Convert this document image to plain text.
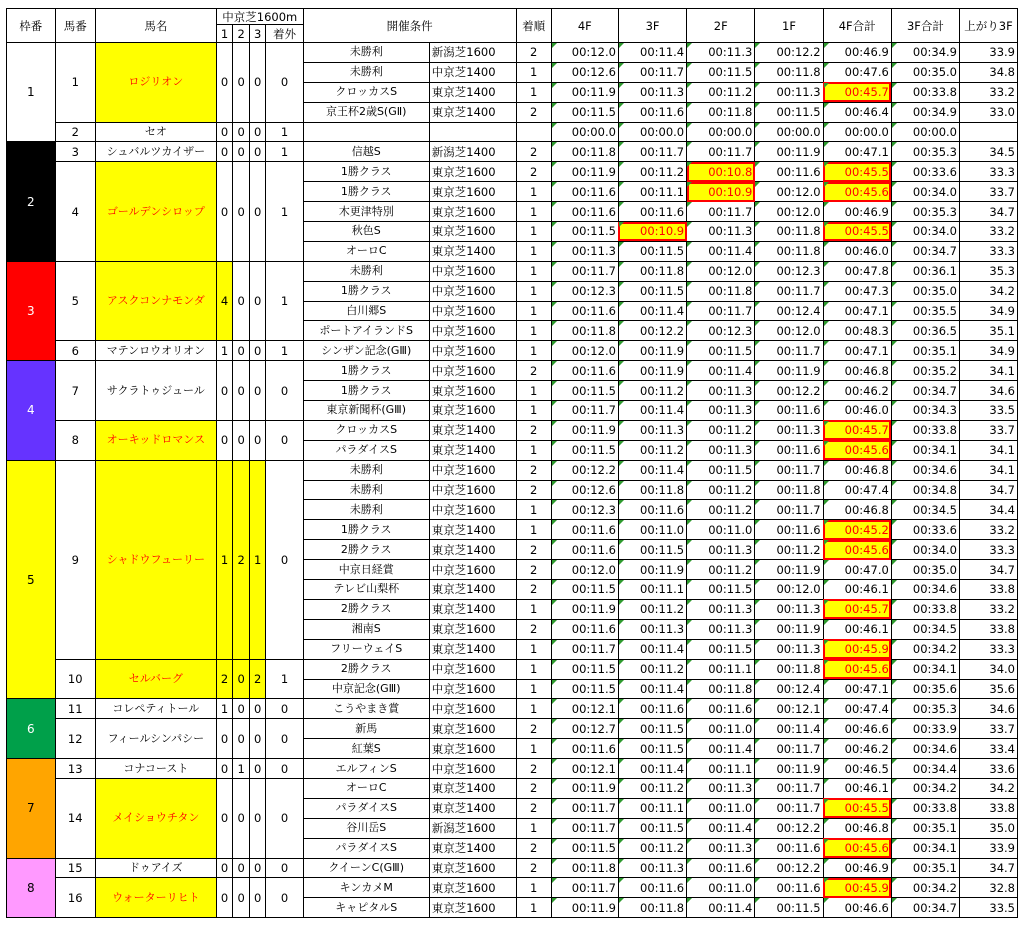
枠番	馬番	馬名	中京芝1600m				開催条件		着順	4F	3F	2F	1F	4F合計	3F合計	上がり3F
			1	2	3	着外										
1	1	ロジリオン	0	0	0	0	未勝利	新潟芝1600	2	00:12.0	00:11.4	00:11.3	00:12.2	00:46.9	00:34.9	33.9
							未勝利	中京芝1400	1	00:12.6	00:11.7	00:11.5	00:11.8	00:47.6	00:35.0	34.8
							クロッカスS	東京芝1400	1	00:11.9	00:11.3	00:11.2	00:11.3	00:45.7	00:33.8	33.2
							京王杯2歳S(GⅡ)	東京芝1400	2	00:11.5	00:11.6	00:11.8	00:11.5	00:46.4	00:34.9	33.0
	2	セオ	0	0	0	1				00:00.0	00:00.0	00:00.0	00:00.0	00:00.0	00:00.0	
2	3	シュバルツカイザー	0	0	0	1	信越S	新潟芝1400	2	00:11.8	00:11.7	00:11.7	00:11.9	00:47.1	00:35.3	34.5
	4	ゴールデンシロップ	0	0	0	1	1勝クラス	東京芝1600	2	00:11.9	00:11.2	00:10.8	00:11.6	00:45.5	00:33.6	33.3
							1勝クラス	東京芝1600	1	00:11.6	00:11.1	00:10.9	00:12.0	00:45.6	00:34.0	33.7
							木更津特別	東京芝1600	1	00:11.6	00:11.6	00:11.7	00:12.0	00:46.9	00:35.3	34.7
							秋色S	東京芝1600	1	00:11.5	00:10.9	00:11.3	00:11.8	00:45.5	00:34.0	33.2
							オーロC	東京芝1400	1	00:11.3	00:11.5	00:11.4	00:11.8	00:46.0	00:34.7	33.3
3	5	アスクコンナモンダ	4	0	0	1	未勝利	中京芝1600	1	00:11.7	00:11.8	00:12.0	00:12.3	00:47.8	00:36.1	35.3
							1勝クラス	中京芝1600	1	00:12.3	00:11.5	00:11.8	00:11.7	00:47.3	00:35.0	34.2
							白川郷S	中京芝1600	1	00:11.6	00:11.4	00:11.7	00:12.4	00:47.1	00:35.5	34.9
							ポートアイランドS	中京芝1600	1	00:11.8	00:12.2	00:12.3	00:12.0	00:48.3	00:36.5	35.1
	6	マテンロウオリオン	1	0	0	1	シンザン記念(GⅢ)	中京芝1600	1	00:12.0	00:11.9	00:11.5	00:11.7	00:47.1	00:35.1	34.9
4	7	サクラトゥジュール	0	0	0	0	1勝クラス	中京芝1600	2	00:11.6	00:11.9	00:11.4	00:11.9	00:46.8	00:35.2	34.1
							1勝クラス	東京芝1600	1	00:11.5	00:11.2	00:11.3	00:12.2	00:46.2	00:34.7	34.6
							東京新聞杯(GⅢ)	東京芝1600	1	00:11.7	00:11.4	00:11.3	00:11.6	00:46.0	00:34.3	33.5
	8	オーキッドロマンス	0	0	0	0	クロッカスS	東京芝1400	2	00:11.9	00:11.3	00:11.2	00:11.3	00:45.7	00:33.8	33.7
							パラダイスS	東京芝1400	1	00:11.5	00:11.2	00:11.3	00:11.6	00:45.6	00:34.1	34.1
5	9	シャドウフューリー	1	2	1	0	未勝利	中京芝1600	2	00:12.2	00:11.4	00:11.5	00:11.7	00:46.8	00:34.6	34.1
							未勝利	中京芝1600	2	00:12.6	00:11.8	00:11.2	00:11.8	00:47.4	00:34.8	34.7
							未勝利	中京芝1600	1	00:12.3	00:11.6	00:11.2	00:11.7	00:46.8	00:34.5	34.4
							1勝クラス	東京芝1400	1	00:11.6	00:11.0	00:11.0	00:11.6	00:45.2	00:33.6	33.2
							2勝クラス	東京芝1400	2	00:11.6	00:11.5	00:11.3	00:11.2	00:45.6	00:34.0	33.3
							中京日経賞	中京芝1600	2	00:12.0	00:11.9	00:11.2	00:11.9	00:47.0	00:35.0	34.7
							テレビ山梨杯	東京芝1400	2	00:11.5	00:11.1	00:11.5	00:12.0	00:46.1	00:34.6	33.8
							2勝クラス	東京芝1400	1	00:11.9	00:11.2	00:11.3	00:11.3	00:45.7	00:33.8	33.2
							湘南S	東京芝1600	2	00:11.6	00:11.3	00:11.3	00:11.9	00:46.1	00:34.5	33.8
							フリーウェイS	東京芝1400	1	00:11.7	00:11.4	00:11.5	00:11.3	00:45.9	00:34.2	33.3
	10	セルバーグ	2	0	2	1	2勝クラス	中京芝1600	1	00:11.5	00:11.2	00:11.1	00:11.8	00:45.6	00:34.1	34.0
							中京記念(GⅢ)	中京芝1600	1	00:11.5	00:11.4	00:11.8	00:12.4	00:47.1	00:35.6	35.6
6	11	コレペティトール	1	0	0	0	こうやまき賞	中京芝1600	1	00:12.1	00:11.6	00:11.6	00:12.1	00:47.4	00:35.3	34.6
	12	フィールシンパシー	0	0	0	0	新馬	東京芝1600	2	00:12.7	00:11.5	00:11.0	00:11.4	00:46.6	00:33.9	33.7
							紅葉S	東京芝1600	1	00:11.6	00:11.5	00:11.4	00:11.7	00:46.2	00:34.6	33.4
7	13	コナコースト	0	1	0	0	エルフィンS	中京芝1600	2	00:12.1	00:11.4	00:11.1	00:11.9	00:46.5	00:34.4	33.6
	14	メイショウチタン	0	0	0	0	オーロC	東京芝1400	2	00:11.9	00:11.2	00:11.3	00:11.7	00:46.1	00:34.2	34.2
							パラダイスS	東京芝1400	2	00:11.7	00:11.1	00:11.0	00:11.7	00:45.5	00:33.8	33.8
							谷川岳S	新潟芝1600	1	00:11.7	00:11.5	00:11.4	00:12.2	00:46.8	00:35.1	35.0
							パラダイスS	東京芝1400	2	00:11.5	00:11.2	00:11.3	00:11.6	00:45.6	00:34.1	33.9
8	15	ドゥアイズ	0	0	0	0	クイーンC(GⅢ)	東京芝1600	2	00:11.8	00:11.3	00:11.6	00:12.2	00:46.9	00:35.1	34.7
	16	ウォーターリヒト	0	0	0	0	キンカメM	東京芝1600	1	00:11.7	00:11.6	00:11.0	00:11.6	00:45.9	00:34.2	32.8
							キャピタルS	東京芝1600	1	00:11.9	00:11.8	00:11.4	00:11.5	00:46.6	00:34.7	33.5
